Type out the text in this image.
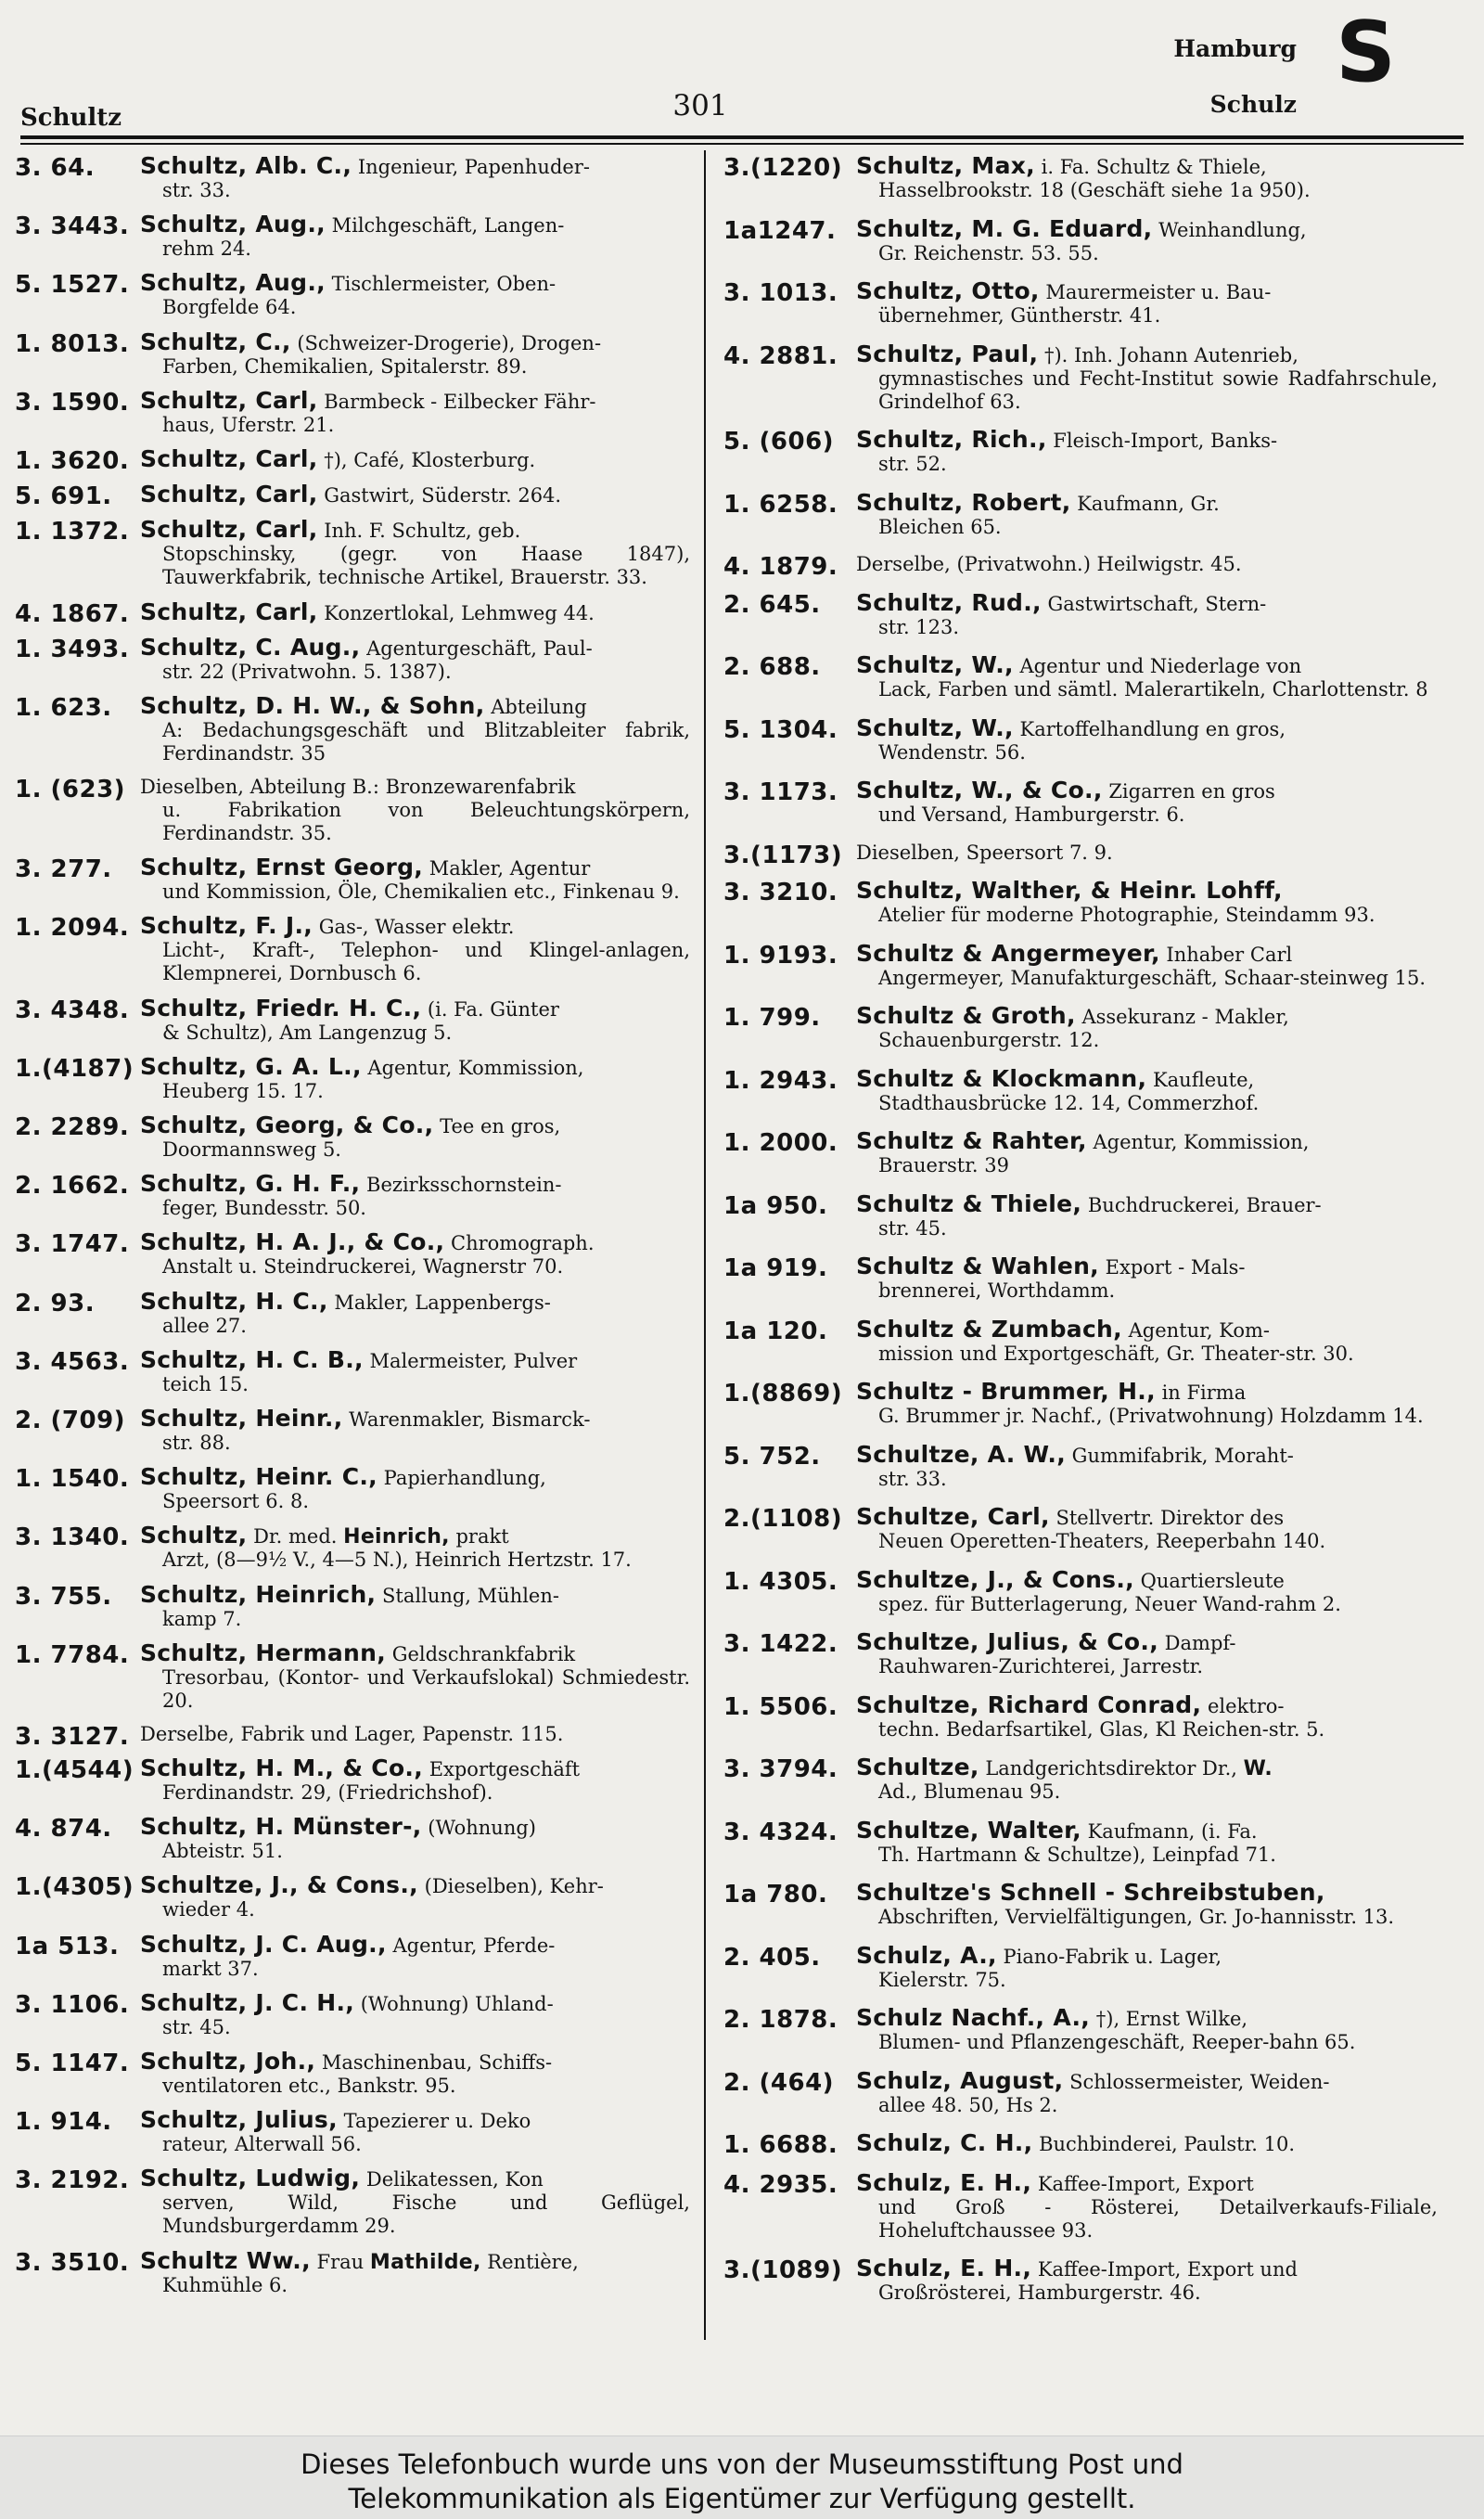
Schultz	301
Hamburg
Schulz
S
3. 64. Schultz, Alb. C., Ingenieur, Papenhuder-
str. 33.
3. 3443. Schultz, Aug., Milchgeschäft, Langen-
rehm 24.
5. 1527. Schultz, Aug., Tischlermeister, Oben-
Borgfelde 64.
1. 8013. Schultz, C., (Schweizer-Drogerie), Drogen-
Farben, Chemikalien, Spitalerstr. 89.
3. 1590. Schultz, Carl, Barmbeck - Eilbecker Fähr-
haus, Uferstr. 21.
1. 3620. Schultz, Carl, †), Café, Klosterburg.
5. 691. Schultz, Carl, Gastwirt, Süderstr. 264.
1. 1372. Schultz, Carl, Inh. F. Schultz, geb.
Stopschinsky, (gegr. von Haase 1847), Tauwerkfabrik, technische Artikel, Brauerstr. 33.
4. 1867. Schultz, Carl, Konzertlokal, Lehmweg 44.
1. 3493. Schultz, C. Aug., Agenturgeschäft, Paul-
str. 22 (Privatwohn. 5. 1387).
1. 623. Schultz, D. H. W., & Sohn, Abteilung
A: Bedachungsgeschäft und Blitzableiter fabrik, Ferdinandstr. 35
1. (623) Dieselben, Abteilung B.: Bronzewarenfabrik
u. Fabrikation von Beleuchtungskörpern, Ferdinandstr. 35.
3. 277. Schultz, Ernst Georg, Makler, Agentur
und Kommission, Öle, Chemikalien etc., Finkenau 9.
1. 2094. Schultz, F. J., Gas-, Wasser elektr.
Licht-, Kraft-, Telephon- und Klingel-anlagen, Klempnerei, Dornbusch 6.
3. 4348. Schultz, Friedr. H. C., (i. Fa. Günter
& Schultz), Am Langenzug 5.
1.(4187) Schultz, G. A. L., Agentur, Kommission,
Heuberg 15. 17.
2. 2289. Schultz, Georg, & Co., Tee en gros,
Doormannsweg 5.
2. 1662. Schultz, G. H. F., Bezirksschornstein-
feger, Bundesstr. 50.
3. 1747. Schultz, H. A. J., & Co., Chromograph.
Anstalt u. Steindruckerei, Wagnerstr 70.
2. 93. Schultz, H. C., Makler, Lappenbergs-
allee 27.
3. 4563. Schultz, H. C. B., Malermeister, Pulver
teich 15.
2. (709) Schultz, Heinr., Warenmakler, Bismarck-
str. 88.
1. 1540. Schultz, Heinr. C., Papierhandlung,
Speersort 6. 8.
3. 1340. Schultz, Dr. med. Heinrich, prakt
Arzt, (8—9½ V., 4—5 N.), Heinrich Hertzstr. 17.
3. 755. Schultz, Heinrich, Stallung, Mühlen-
kamp 7.
1. 7784. Schultz, Hermann, Geldschrankfabrik
Tresorbau, (Kontor- und Verkaufslokal) Schmiedestr. 20.
3. 3127. Derselbe, Fabrik und Lager, Papenstr. 115.
1.(4544) Schultz, H. M., & Co., Exportgeschäft
Ferdinandstr. 29, (Friedrichshof).
4. 874. Schultz, H. Münster-, (Wohnung)
Abteistr. 51.
1.(4305) Schultze, J., & Cons., (Dieselben), Kehr-
wieder 4.
1a 513. Schultz, J. C. Aug., Agentur, Pferde-
markt 37.
3. 1106. Schultz, J. C. H., (Wohnung) Uhland-
str. 45.
5. 1147. Schultz, Joh., Maschinenbau, Schiffs-
ventilatoren etc., Bankstr. 95.
1. 914. Schultz, Julius, Tapezierer u. Deko
rateur, Alterwall 56.
3. 2192. Schultz, Ludwig, Delikatessen, Kon
serven, Wild, Fische und Geflügel, Mundsburgerdamm 29.
3. 3510. Schultz Ww., Frau Mathilde, Rentière,
Kuhmühle 6.
3.(1220) Schultz, Max, i. Fa. Schultz & Thiele,
Hasselbrookstr. 18 (Geschäft siehe 1a 950).
1a1247. Schultz, M. G. Eduard, Weinhandlung,
Gr. Reichenstr. 53. 55.
3. 1013. Schultz, Otto, Maurermeister u. Bau-
übernehmer, Güntherstr. 41.
4. 2881. Schultz, Paul, †). Inh. Johann Autenrieb,
gymnastisches und Fecht-Institut sowie Radfahrschule, Grindelhof 63.
5. (606) Schultz, Rich., Fleisch-Import, Banks-
str. 52.
1. 6258. Schultz, Robert, Kaufmann, Gr.
Bleichen 65.
4. 1879. Derselbe, (Privatwohn.) Heilwigstr. 45.
2. 645. Schultz, Rud., Gastwirtschaft, Stern-
str. 123.
2. 688. Schultz, W., Agentur und Niederlage von
Lack, Farben und sämtl. Malerartikeln, Charlottenstr. 8
5. 1304. Schultz, W., Kartoffelhandlung en gros,
Wendenstr. 56.
3. 1173. Schultz, W., & Co., Zigarren en gros
und Versand, Hamburgerstr. 6.
3.(1173) Dieselben, Speersort 7. 9.
3. 3210. Schultz, Walther, & Heinr. Lohff,
Atelier für moderne Photographie, Steindamm 93.
1. 9193. Schultz & Angermeyer, Inhaber Carl
Angermeyer, Manufakturgeschäft, Schaar-steinweg 15.
1. 799. Schultz & Groth, Assekuranz - Makler,
Schauenburgerstr. 12.
1. 2943. Schultz & Klockmann, Kaufleute,
Stadthausbrücke 12. 14, Commerzhof.
1. 2000. Schultz & Rahter, Agentur, Kommission,
Brauerstr. 39
1a 950. Schultz & Thiele, Buchdruckerei, Brauer-
str. 45.
1a 919. Schultz & Wahlen, Export - Mals-
brennerei, Worthdamm.
1a 120. Schultz & Zumbach, Agentur, Kom-
mission und Exportgeschäft, Gr. Theater-str. 30.
1.(8869) Schultz - Brummer, H., in Firma
G. Brummer jr. Nachf., (Privatwohnung) Holzdamm 14.
5. 752. Schultze, A. W., Gummifabrik, Moraht-
str. 33.
2.(1108) Schultze, Carl, Stellvertr. Direktor des
Neuen Operetten-Theaters, Reeperbahn 140.
1. 4305. Schultze, J., & Cons., Quartiersleute
spez. für Butterlagerung, Neuer Wand-rahm 2.
3. 1422. Schultze, Julius, & Co., Dampf-
Rauhwaren-Zurichterei, Jarrestr.
1. 5506. Schultze, Richard Conrad, elektro-
techn. Bedarfsartikel, Glas, Kl Reichen-str. 5.
3. 3794. Schultze, Landgerichtsdirektor Dr., W.
Ad., Blumenau 95.
3. 4324. Schultze, Walter, Kaufmann, (i. Fa.
Th. Hartmann & Schultze), Leinpfad 71.
1a 780. Schultze's Schnell - Schreibstuben,
Abschriften, Vervielfältigungen, Gr. Jo-hannisstr. 13.
2. 405. Schulz, A., Piano-Fabrik u. Lager,
Kielerstr. 75.
2. 1878. Schulz Nachf., A., †), Ernst Wilke,
Blumen- und Pflanzengeschäft, Reeper-bahn 65.
2. (464) Schulz, August, Schlossermeister, Weiden-
allee 48. 50, Hs 2.
1. 6688. Schulz, C. H., Buchbinderei, Paulstr. 10.
4. 2935. Schulz, E. H., Kaffee-Import, Export
und Groß - Rösterei, Detailverkaufs-Filiale, Hoheluftchaussee 93.
3.(1089) Schulz, E. H., Kaffee-Import, Export und
Großrösterei, Hamburgerstr. 46.
Dieses Telefonbuch wurde uns von der Museumsstiftung Post und
Telekommunikation als Eigentümer zur Verfügung gestellt.
